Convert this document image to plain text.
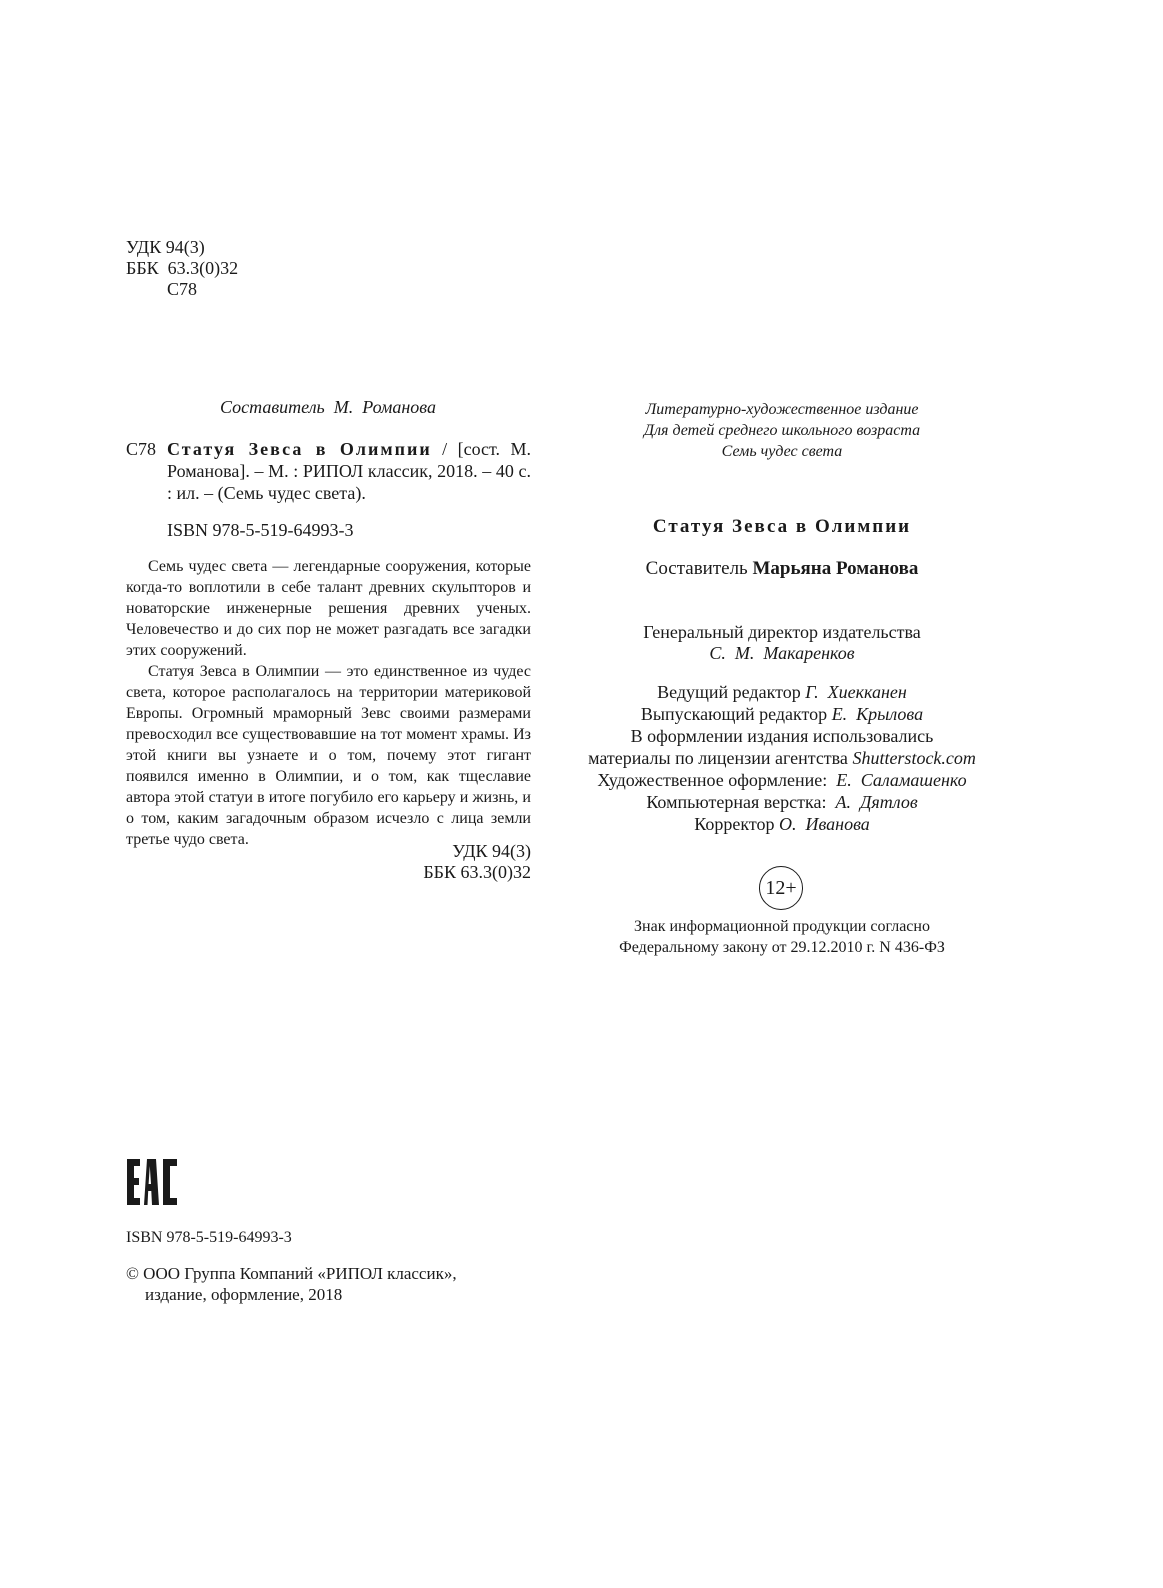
УДК 94(3)
ББК  63.3(0)32
С78
Составитель  М.  Романова
С78 Статуя Зевса в Олимпии / [сост. М. Романова]. – М. : РИПОЛ классик, 2018. – 40 с. : ил. – (Семь чудес света).
ISBN 978-5-519-64993-3

Семь чудес света — легендарные сооружения, которые когда-то воплотили в себе талант древних скульпторов и новаторские инженерные решения древних ученых. Человечество и до сих пор не может разгадать все загадки этих сооружений.

Статуя Зевса в Олимпии — это единственное из чудес света, которое располагалось на территории материковой Европы. Огромный мраморный Зевс своими размерами превосходил все существовавшие на тот момент храмы. Из этой книги вы узнаете и о том, почему этот гигант появился именно в Олимпии, и о том, как тщеславие автора этой статуи в итоге погубило его карьеру и жизнь, и о том, каким загадочным образом исчезло с лица земли третье чудо света.

УДК 94(3)
ББК 63.3(0)32
ISBN 978-5-519-64993-3
© ООО Группа Компаний «РИПОЛ классик»,
издание, оформление, 2018
Литературно-художественное издание
Для детей среднего школьного возраста
Семь чудес света
Статуя Зевса в Олимпии
Составитель Марьяна Романова
Генеральный директор издательства
С.  М.  Макаренков
Ведущий редактор Г.  Хиекканен
Выпускающий редактор Е.  Крылова
В оформлении издания использовались
материалы по лицензии агентства Shutterstock.com
Художественное оформление:  Е.  Саламашенко
Компьютерная верстка:  А.  Дятлов
Корректор О.  Иванова
12+
Знак информационной продукции согласно
Федеральному закону от 29.12.2010 г. N 436-ФЗ
